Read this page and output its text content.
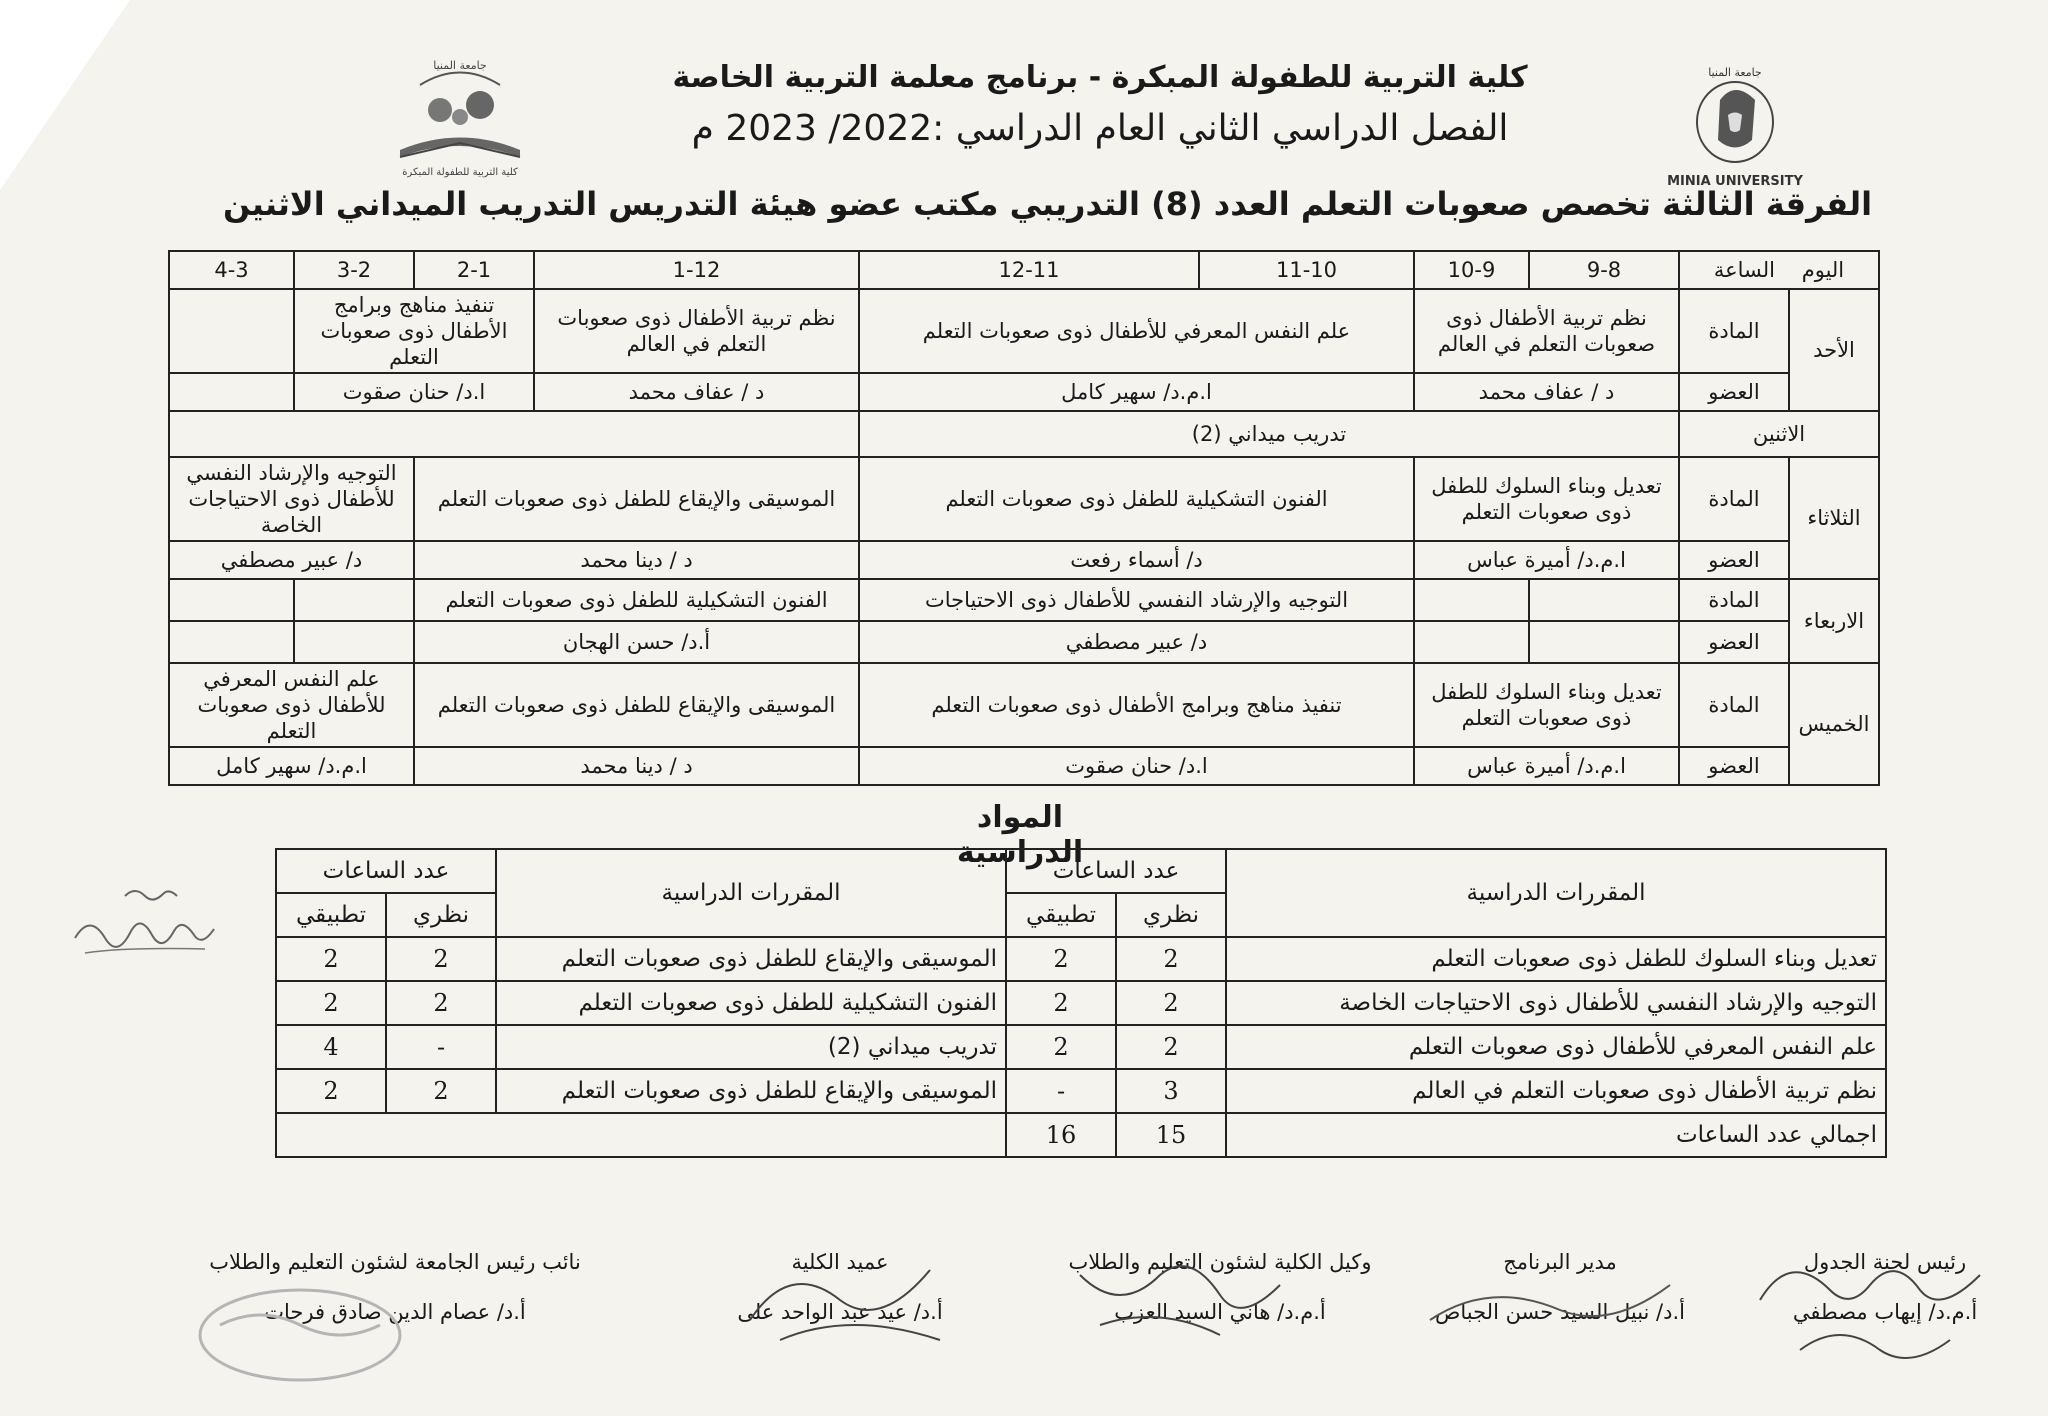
جامعة المنيا
MINIA UNIVERSITY
جامعة المنيا
كلية التربية للطفولة المبكرة
كلية التربية للطفولة المبكرة - برنامج معلمة التربية الخاصة
الفصل الدراسي الثاني العام الدراسي :2022/ 2023 م
الفرقة الثالثة تخصص صعوبات التعلم العدد (8) التدريبي مكتب عضو هيئة التدريس التدريب الميداني الاثنين
اليوم    الساعة		9-8	10-9	11-10	12-11	1-12	2-1	3-2	4-3
الأحد	المادة	نظم تربية الأطفال ذوى صعوبات التعلم في العالم		علم النفس المعرفي للأطفال ذوى صعوبات التعلم		نظم تربية الأطفال ذوى صعوبات التعلم في العالم	تنفيذ مناهج وبرامج الأطفال ذوى صعوبات التعلم		
	العضو	د / عفاف محمد		ا.م.د/ سهير كامل		د / عفاف محمد	ا.د/ حنان صقوت		
الاثنين		تدريب ميداني (2)							
الثلاثاء	المادة	تعديل وبناء السلوك للطفل ذوى صعوبات التعلم		الفنون التشكيلية للطفل ذوى صعوبات التعلم		الموسيقى والإيقاع للطفل ذوى صعوبات التعلم		التوجيه والإرشاد النفسي للأطفال ذوى الاحتياجات الخاصة	
	العضو	ا.م.د/ أميرة عباس		د/ أسماء رفعت		د / دينا محمد		د/ عبير مصطفي	
الاربعاء	المادة			التوجيه والإرشاد النفسي للأطفال ذوى الاحتياجات		الفنون التشكيلية للطفل ذوى صعوبات التعلم			
	العضو			د/ عبير مصطفي		أ.د/ حسن الهجان			
الخميس	المادة	تعديل وبناء السلوك للطفل ذوى صعوبات التعلم		تنفيذ مناهج وبرامج الأطفال ذوى صعوبات التعلم		الموسيقى والإيقاع للطفل ذوى صعوبات التعلم		علم النفس المعرفي للأطفال ذوى صعوبات التعلم	
	العضو	ا.م.د/ أميرة عباس		ا.د/ حنان صقوت		د / دينا محمد		ا.م.د/ سهير كامل	
المواد الدراسية
المقررات الدراسية	عدد الساعات		المقررات الدراسية	عدد الساعات	
	نظري	تطبيقي		نظري	تطبيقي
تعديل وبناء السلوك للطفل ذوى صعوبات التعلم	2	2	الموسيقى والإيقاع للطفل ذوى صعوبات التعلم	2	2
التوجيه والإرشاد النفسي للأطفال ذوى الاحتياجات الخاصة	2	2	الفنون التشكيلية للطفل ذوى صعوبات التعلم	2	2
علم النفس المعرفي للأطفال ذوى صعوبات التعلم	2	2	تدريب ميداني (2)	-	4
نظم تربية الأطفال ذوى صعوبات التعلم في العالم	3	-	الموسيقى والإيقاع للطفل ذوى صعوبات التعلم	2	2
اجمالي عدد الساعات	15	16			
رئيس لجنة الجدول
أ.م.د/ إيهاب مصطفي
مدير البرنامج
أ.د/ نبيل السيد حسن الجباص
وكيل الكلية لشئون التعليم والطلاب
أ.م.د/ هاني السيد العزب
عميد الكلية
أ.د/ عيد عبد الواحد على
نائب رئيس الجامعة لشئون التعليم والطلاب
أ.د/ عصام الدين صادق فرحات
